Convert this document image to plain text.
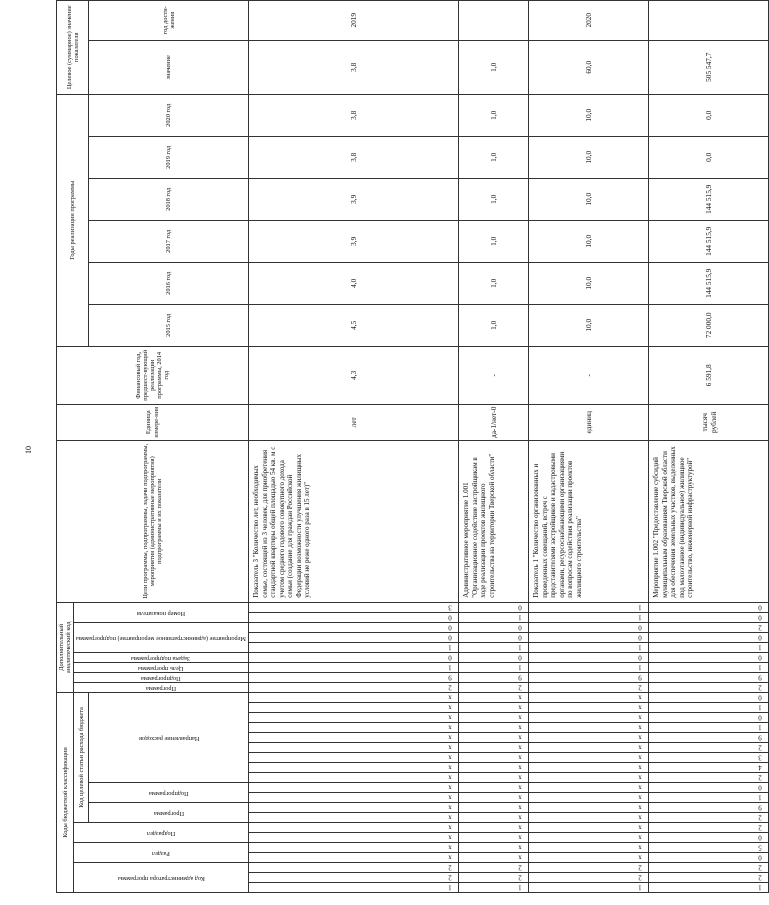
10
Коды бюджетной классификации																				Дополнительный аналитический код									Цели программы, подпрограммы, задачи подпрограммы, мероприятия (административные мероприятия) подпрограммы и их показатели	Единица измере-ния	Финансовый год, предшест-вующий реализации программы, 2014 год	Годы реализации программы						Целевое (суммарное) значение показателя	

Код администратора программы			Раздел		Подраздел		Код целевой статьи расхода бюджета													Программа	Подпрограмма	Цель программы	Задача подпрограммы	Мероприятие (административное мероприятие) подпрограммы			Номер показателя												

							Программа		Подпрограмма		Направление расходов																					2015 год	2016 год	2017 год	2018 год	2019 год	2020 год	значение	год дости-жения
1	2	2	x	x	x	x	x	x	x	x	x	x	x	x	x	x	x	x	x	2	9	1	0	1	0	0	0	3	Показатель 3 "Количество лет, необходимых семье, состоящей из 3 человек, для приобретения стандартной квартиры общей площадью 54 кв. м с учетом среднего годового совокупного дохода семьи (создание для граждан Российской Федерации возможности улучшения жилищных условий не реже одного раза в 15 лет)"	лет	4,3	4,5	4,0	3,9	3,9	3,8	3,8	3,8	2019
1	2	2	x	x	x	x	x	x	x	x	x	x	x	x	x	x	x	x	x	2	9	1	0	1	0	0	1	0	Административное мероприятие 1.001 "Организационное содействие застройщикам в ходе реализации проектов жилищного строительства на территории Тверской области"	да-1/нет-0	-	1,0	1,0	1,0	1,0	1,0	1,0	1,0	
1	2	2	x	x	x	x	x	x	x	x	x	x	x	x	x	x	x	x	x	2	9	1	0	1	0	0	1	1	Показатель 1 "Количество организованных и проведенных совещаний, встреч с представителями застройщиков и кадастровыми органами, ресурсоснабжающими организациями по вопросам содействия реализации проектов жилищного строительства"	единиц	-	10,0	10,0	10,0	10,0	10,0	10,0	60,0	2020
1	2	2	0	5	0	2	2	9	1	0	2	4	3	2	9	1	0	1	0	2	9	1	0	1	0	2	0	0	Мероприятие 1.002 "Предоставление субсидий муниципальным образованиям Тверской области для обеспечения земельных участков, выделенных под малоэтажное (индивидуальное) жилищное строительство, инженерной инфраструктурой"	тысяч рублей	6 591,8	72 000,0	144 515,9	144 515,9	144 515,9	0,0	0,0	505 547,7	
